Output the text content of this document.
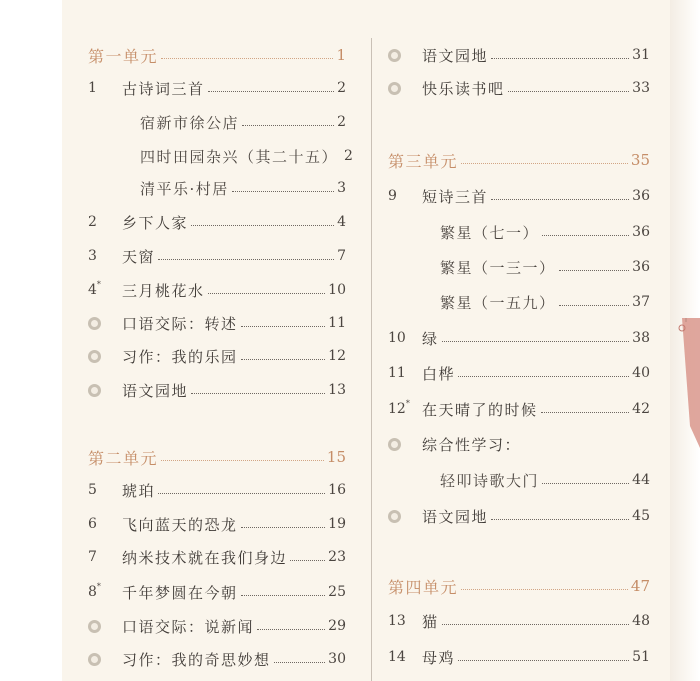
第一单元	1
1	古诗词三首	2
宿新市徐公店	2
四时田园杂兴（其二十五） 2
清平乐·村居	3
2	乡下人家	4
3	天窗	7
4*	三月桃花水	10
口语交际：转述	11
习作：我的乐园	12
语文园地	13
第二单元	15
5	琥珀	16
6	飞向蓝天的恐龙	19
7	纳米技术就在我们身边	23
8*	千年梦圆在今朝	25
口语交际：说新闻	29
习作：我的奇思妙想	30
语文园地	31
快乐读书吧	33
第三单元	35
9	短诗三首	36
繁星（七一）	36
繁星（一三一）	36
繁星（一五九）	37
10 绿	38
11 白桦	40
12* 在天晴了的时候	42
综合性学习：
轻叩诗歌大门	44
语文园地	45
第四单元	47
13 猫	48
14 母鸡	51
